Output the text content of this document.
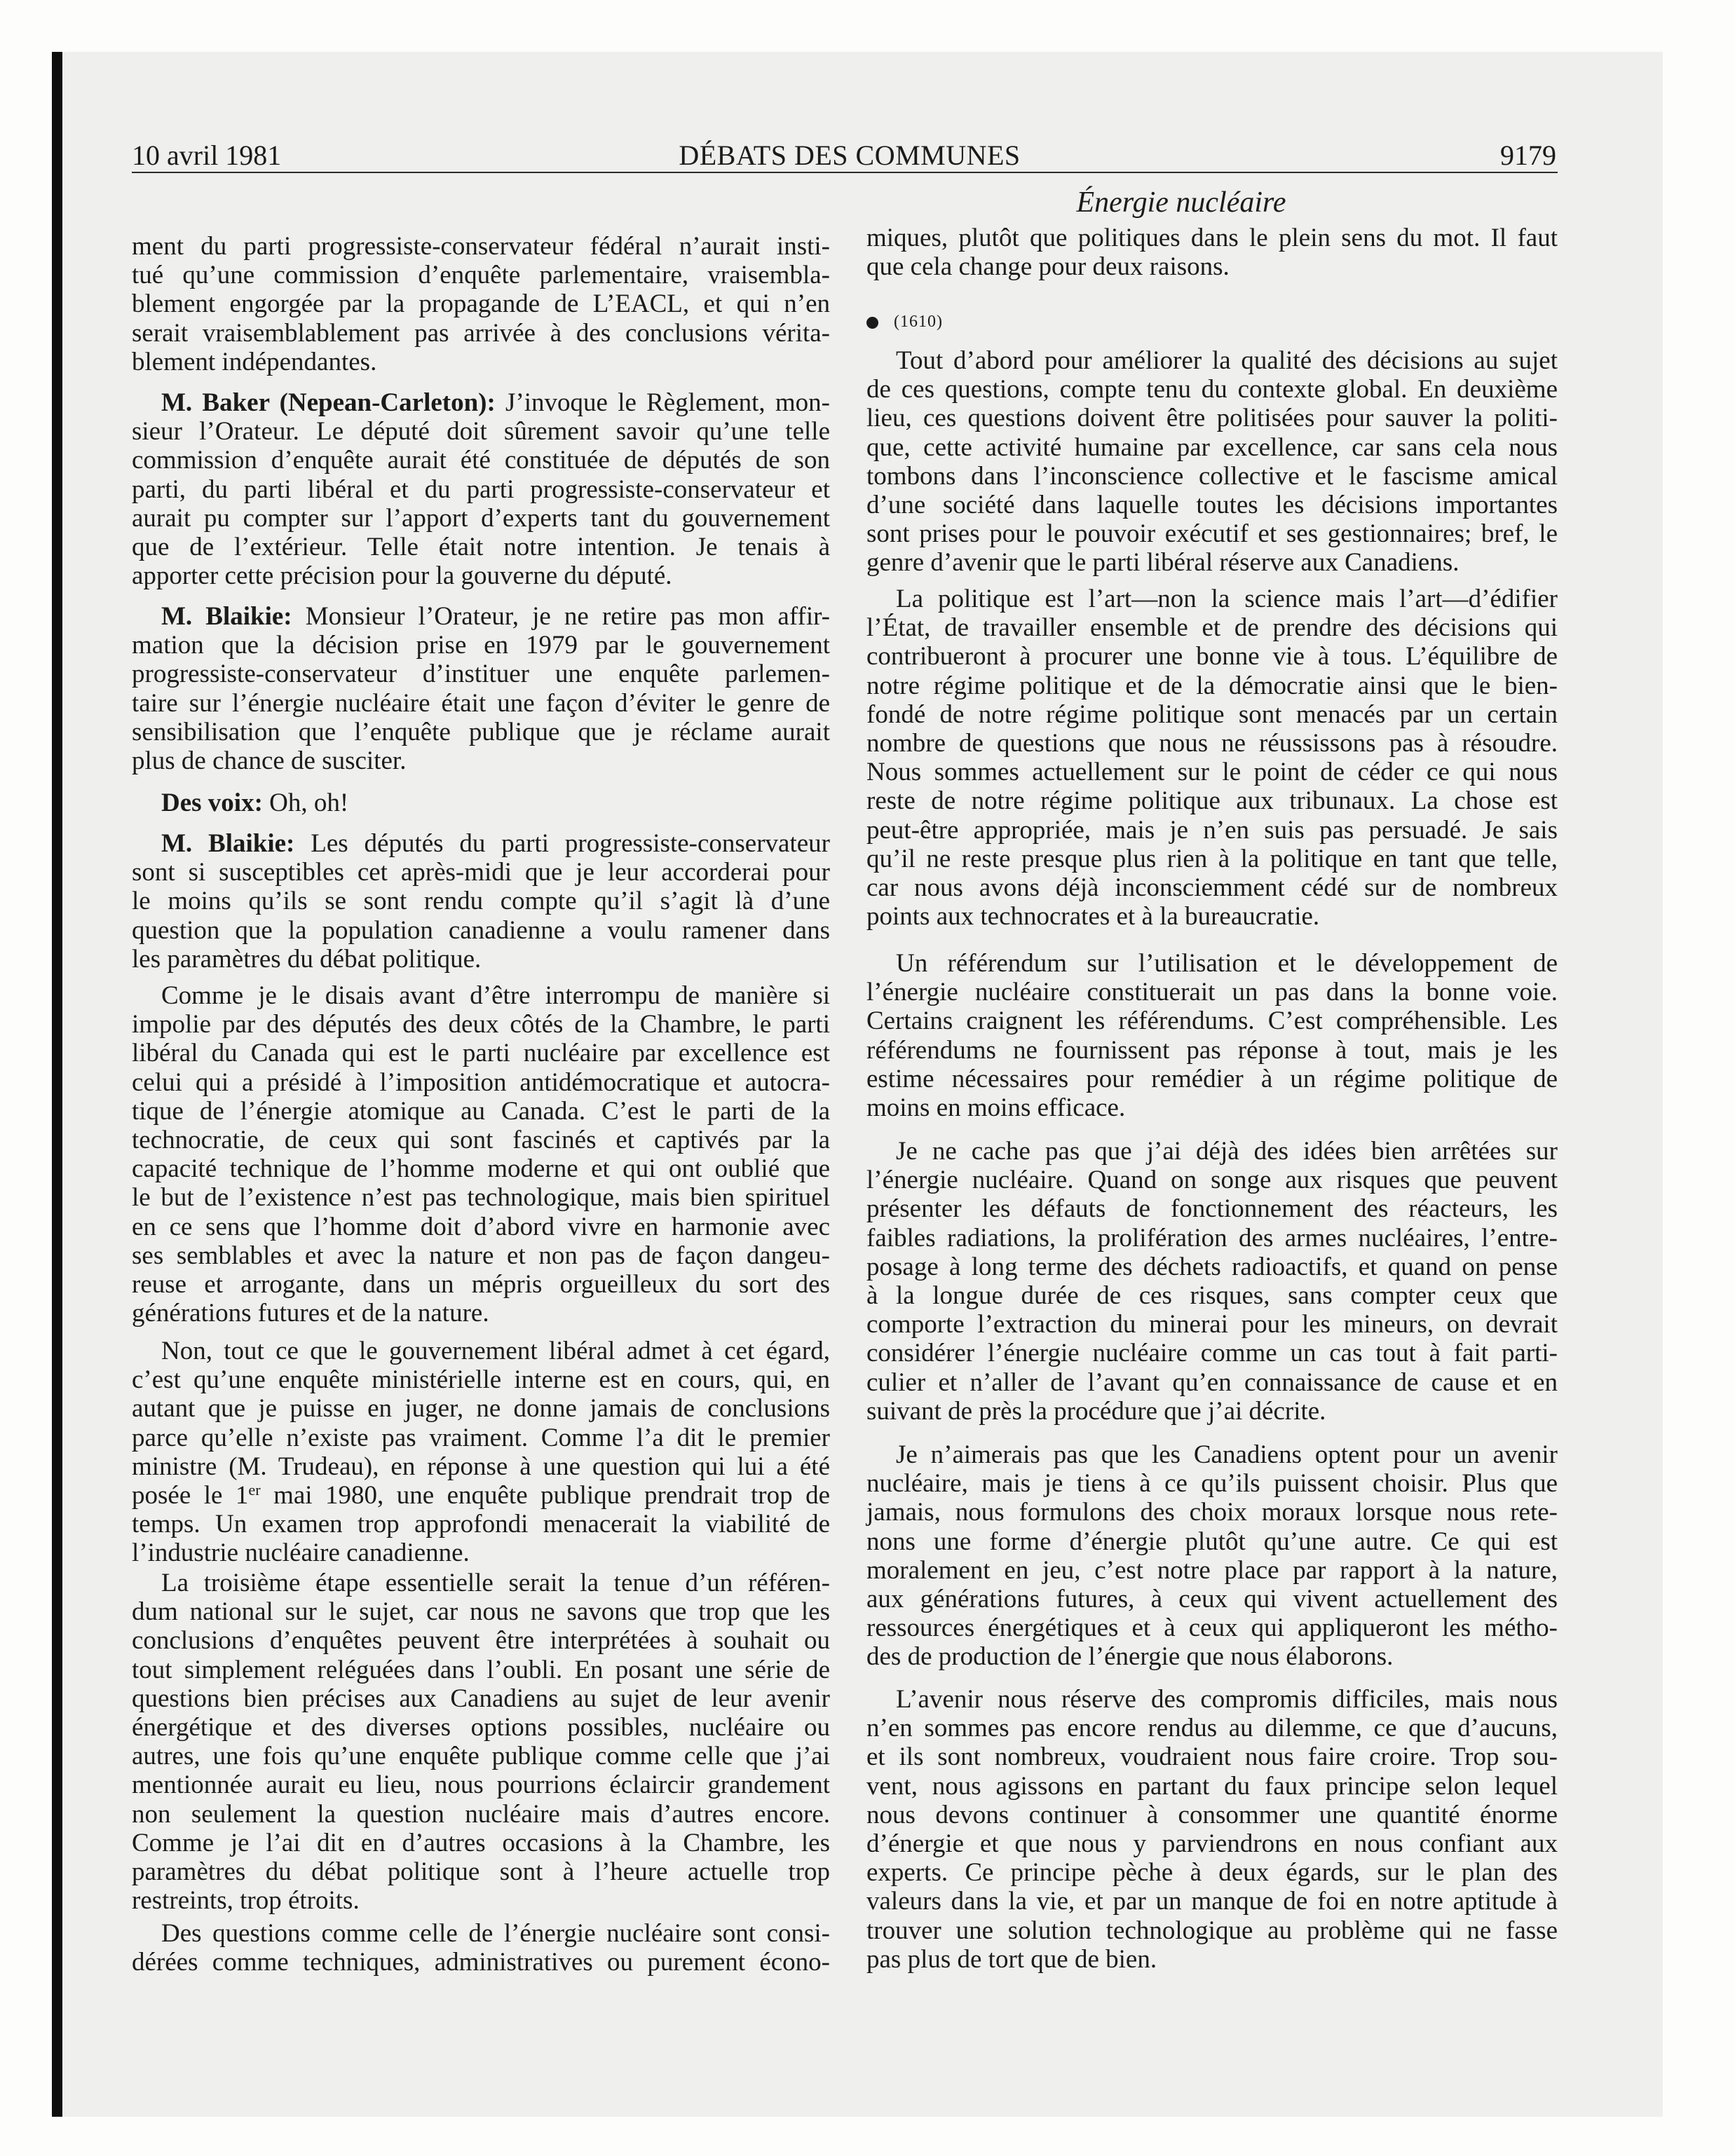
10 avril 1981	DÉBATS DES COMMUNES	9179
Énergie nucléaire
ment du parti progressiste-conservateur fédéral n’aurait insti-
tué qu’une commission d’enquête parlementaire, vraisembla-
blement engorgée par la propagande de L’EACL, et qui n’en
serait vraisemblablement pas arrivée à des conclusions vérita-
blement indépendantes.
M. Baker (Nepean-Carleton): J’invoque le Règlement, mon-
sieur l’Orateur. Le député doit sûrement savoir qu’une telle
commission d’enquête aurait été constituée de députés de son
parti, du parti libéral et du parti progressiste-conservateur et
aurait pu compter sur l’apport d’experts tant du gouvernement
que de l’extérieur. Telle était notre intention. Je tenais à
apporter cette précision pour la gouverne du député.
M. Blaikie: Monsieur l’Orateur, je ne retire pas mon affir-
mation que la décision prise en 1979 par le gouvernement
progressiste-conservateur d’instituer une enquête parlemen-
taire sur l’énergie nucléaire était une façon d’éviter le genre de
sensibilisation que l’enquête publique que je réclame aurait
plus de chance de susciter.
Des voix: Oh, oh!
M. Blaikie: Les députés du parti progressiste-conservateur
sont si susceptibles cet après-midi que je leur accorderai pour
le moins qu’ils se sont rendu compte qu’il s’agit là d’une
question que la population canadienne a voulu ramener dans
les paramètres du débat politique.
Comme je le disais avant d’être interrompu de manière si
impolie par des députés des deux côtés de la Chambre, le parti
libéral du Canada qui est le parti nucléaire par excellence est
celui qui a présidé à l’imposition antidémocratique et autocra-
tique de l’énergie atomique au Canada. C’est le parti de la
technocratie, de ceux qui sont fascinés et captivés par la
capacité technique de l’homme moderne et qui ont oublié que
le but de l’existence n’est pas technologique, mais bien spirituel
en ce sens que l’homme doit d’abord vivre en harmonie avec
ses semblables et avec la nature et non pas de façon dangeu-
reuse et arrogante, dans un mépris orgueilleux du sort des
générations futures et de la nature.
Non, tout ce que le gouvernement libéral admet à cet égard,
c’est qu’une enquête ministérielle interne est en cours, qui, en
autant que je puisse en juger, ne donne jamais de conclusions
parce qu’elle n’existe pas vraiment. Comme l’a dit le premier
ministre (M. Trudeau), en réponse à une question qui lui a été
posée le 1er mai 1980, une enquête publique prendrait trop de
temps. Un examen trop approfondi menacerait la viabilité de
l’industrie nucléaire canadienne.
La troisième étape essentielle serait la tenue d’un référen-
dum national sur le sujet, car nous ne savons que trop que les
conclusions d’enquêtes peuvent être interprétées à souhait ou
tout simplement reléguées dans l’oubli. En posant une série de
questions bien précises aux Canadiens au sujet de leur avenir
énergétique et des diverses options possibles, nucléaire ou
autres, une fois qu’une enquête publique comme celle que j’ai
mentionnée aurait eu lieu, nous pourrions éclaircir grandement
non seulement la question nucléaire mais d’autres encore.
Comme je l’ai dit en d’autres occasions à la Chambre, les
paramètres du débat politique sont à l’heure actuelle trop
restreints, trop étroits.
Des questions comme celle de l’énergie nucléaire sont consi-
dérées comme techniques, administratives ou purement écono-
miques, plutôt que politiques dans le plein sens du mot. Il faut
que cela change pour deux raisons.
Tout d’abord pour améliorer la qualité des décisions au sujet
de ces questions, compte tenu du contexte global. En deuxième
lieu, ces questions doivent être politisées pour sauver la politi-
que, cette activité humaine par excellence, car sans cela nous
tombons dans l’inconscience collective et le fascisme amical
d’une société dans laquelle toutes les décisions importantes
sont prises pour le pouvoir exécutif et ses gestionnaires; bref, le
genre d’avenir que le parti libéral réserve aux Canadiens.
La politique est l’art—non la science mais l’art—d’édifier
l’État, de travailler ensemble et de prendre des décisions qui
contribueront à procurer une bonne vie à tous. L’équilibre de
notre régime politique et de la démocratie ainsi que le bien-
fondé de notre régime politique sont menacés par un certain
nombre de questions que nous ne réussissons pas à résoudre.
Nous sommes actuellement sur le point de céder ce qui nous
reste de notre régime politique aux tribunaux. La chose est
peut-être appropriée, mais je n’en suis pas persuadé. Je sais
qu’il ne reste presque plus rien à la politique en tant que telle,
car nous avons déjà inconsciemment cédé sur de nombreux
points aux technocrates et à la bureaucratie.
Un référendum sur l’utilisation et le développement de
l’énergie nucléaire constituerait un pas dans la bonne voie.
Certains craignent les référendums. C’est compréhensible. Les
référendums ne fournissent pas réponse à tout, mais je les
estime nécessaires pour remédier à un régime politique de
moins en moins efficace.
Je ne cache pas que j’ai déjà des idées bien arrêtées sur
l’énergie nucléaire. Quand on songe aux risques que peuvent
présenter les défauts de fonctionnement des réacteurs, les
faibles radiations, la prolifération des armes nucléaires, l’entre-
posage à long terme des déchets radioactifs, et quand on pense
à la longue durée de ces risques, sans compter ceux que
comporte l’extraction du minerai pour les mineurs, on devrait
considérer l’énergie nucléaire comme un cas tout à fait parti-
culier et n’aller de l’avant qu’en connaissance de cause et en
suivant de près la procédure que j’ai décrite.
Je n’aimerais pas que les Canadiens optent pour un avenir
nucléaire, mais je tiens à ce qu’ils puissent choisir. Plus que
jamais, nous formulons des choix moraux lorsque nous rete-
nons une forme d’énergie plutôt qu’une autre. Ce qui est
moralement en jeu, c’est notre place par rapport à la nature,
aux générations futures, à ceux qui vivent actuellement des
ressources énergétiques et à ceux qui appliqueront les métho-
des de production de l’énergie que nous élaborons.
L’avenir nous réserve des compromis difficiles, mais nous
n’en sommes pas encore rendus au dilemme, ce que d’aucuns,
et ils sont nombreux, voudraient nous faire croire. Trop sou-
vent, nous agissons en partant du faux principe selon lequel
nous devons continuer à consommer une quantité énorme
d’énergie et que nous y parviendrons en nous confiant aux
experts. Ce principe pèche à deux égards, sur le plan des
valeurs dans la vie, et par un manque de foi en notre aptitude à
trouver une solution technologique au problème qui ne fasse
pas plus de tort que de bien.
(1610)
